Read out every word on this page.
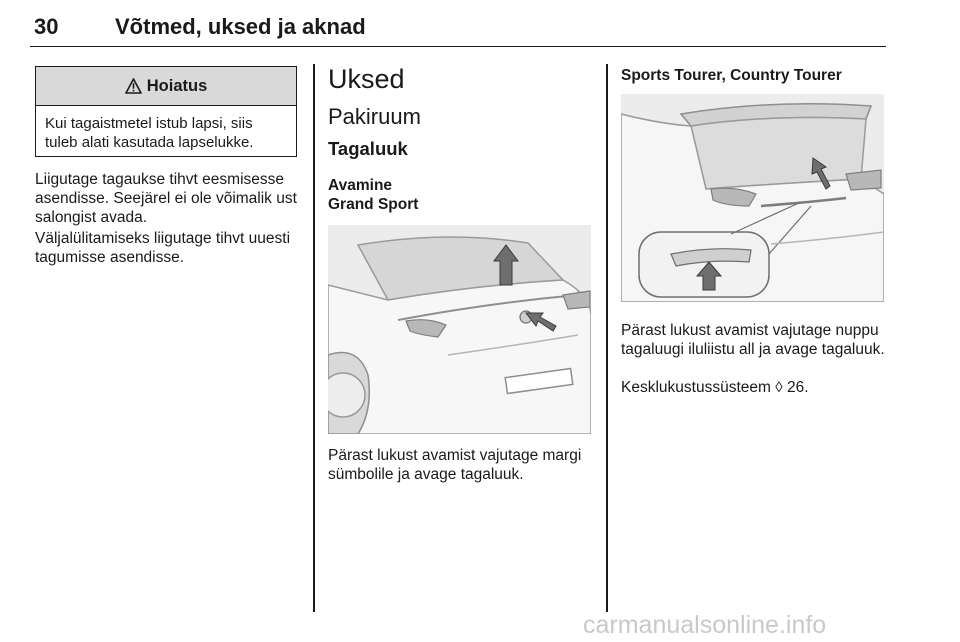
30	Võtmed, uksed ja aknad
Hoiatus
Kui tagaistmetel istub lapsi, siis tuleb alati kasutada lapselukke.
Liigutage tagaukse tihvt eesmisesse asendisse. Seejärel ei ole võimalik ust salongist avada.
Väljalülitamiseks liigutage tihvt uuesti tagumisse asendisse.
Uksed
Pakiruum
Tagaluuk
Avamine
Grand Sport
Pärast lukust avamist vajutage margi sümbolile ja avage tagaluuk.
Sports Tourer, Country Tourer
Pärast lukust avamist vajutage nuppu tagaluugi iluliistu all ja avage tagaluuk.
Kesklukustussüsteem ◊ 26.
carmanualsonline.info
